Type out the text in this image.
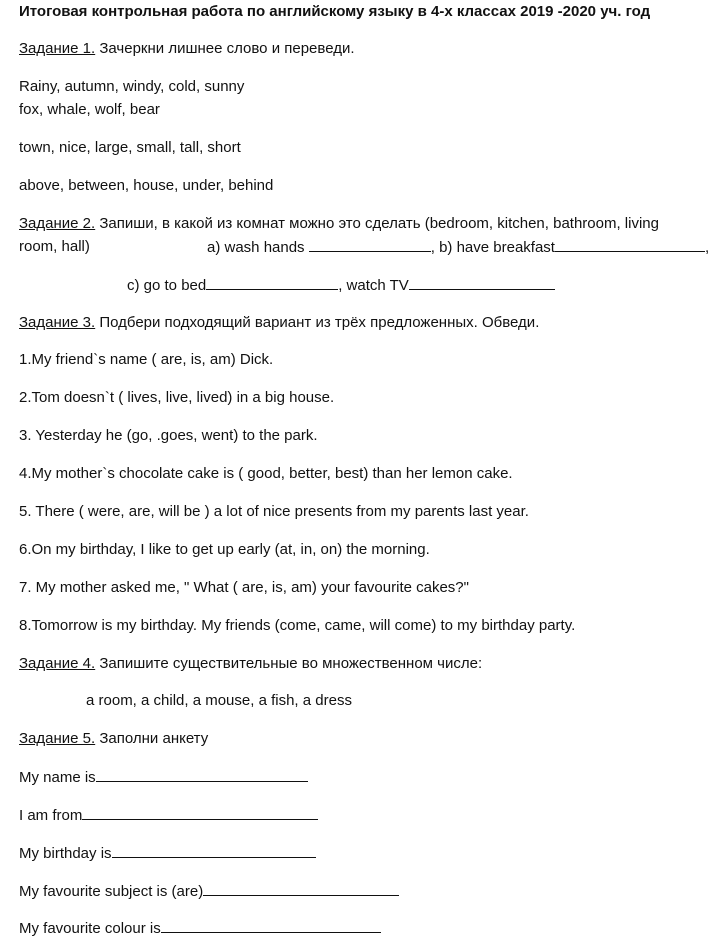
Итоговая контрольная работа по английскому языку в 4-х классах 2019 -2020 уч. год
Задание 1. Зачеркни лишнее слово и переведи.
Rainy, autumn, windy, cold, sunny
fox, whale, wolf, bear
town, nice, large, small, tall, short
above, between, house, under, behind
Задание 2. Запиши, в какой из комнат можно это сделать (bedroom, kitchen, bathroom, living
room, hall)	a) wash hands	, b) have breakfast	,
c) go to bed	, watch TV
Задание 3. Подбери подходящий вариант из трёх предложенных. Обведи.
1.My friend`s name ( are, is, am) Dick.
2.Tom doesn`t ( lives, live, lived) in a big house.
3. Yesterday he (go, .goes, went) to the park.
4.My mother`s chocolate cake is ( good, better, best) than her lemon cake.
5. There ( were, are, will be ) a lot of nice presents from my parents last year.
6.On my birthday, I like to get up early (at, in, on) the morning.
7. My mother asked me, " What ( are, is, am) your favourite cakes?"
8.Tomorrow is my birthday. My friends (come, came, will come) to my birthday party.
Задание 4. Запишите существительные во множественном числе:
a room, a child, a mouse, a fish, a dress
Задание 5. Заполни анкету
My name is
I am from
My birthday is
My favourite subject is (are)
My favourite colour is
